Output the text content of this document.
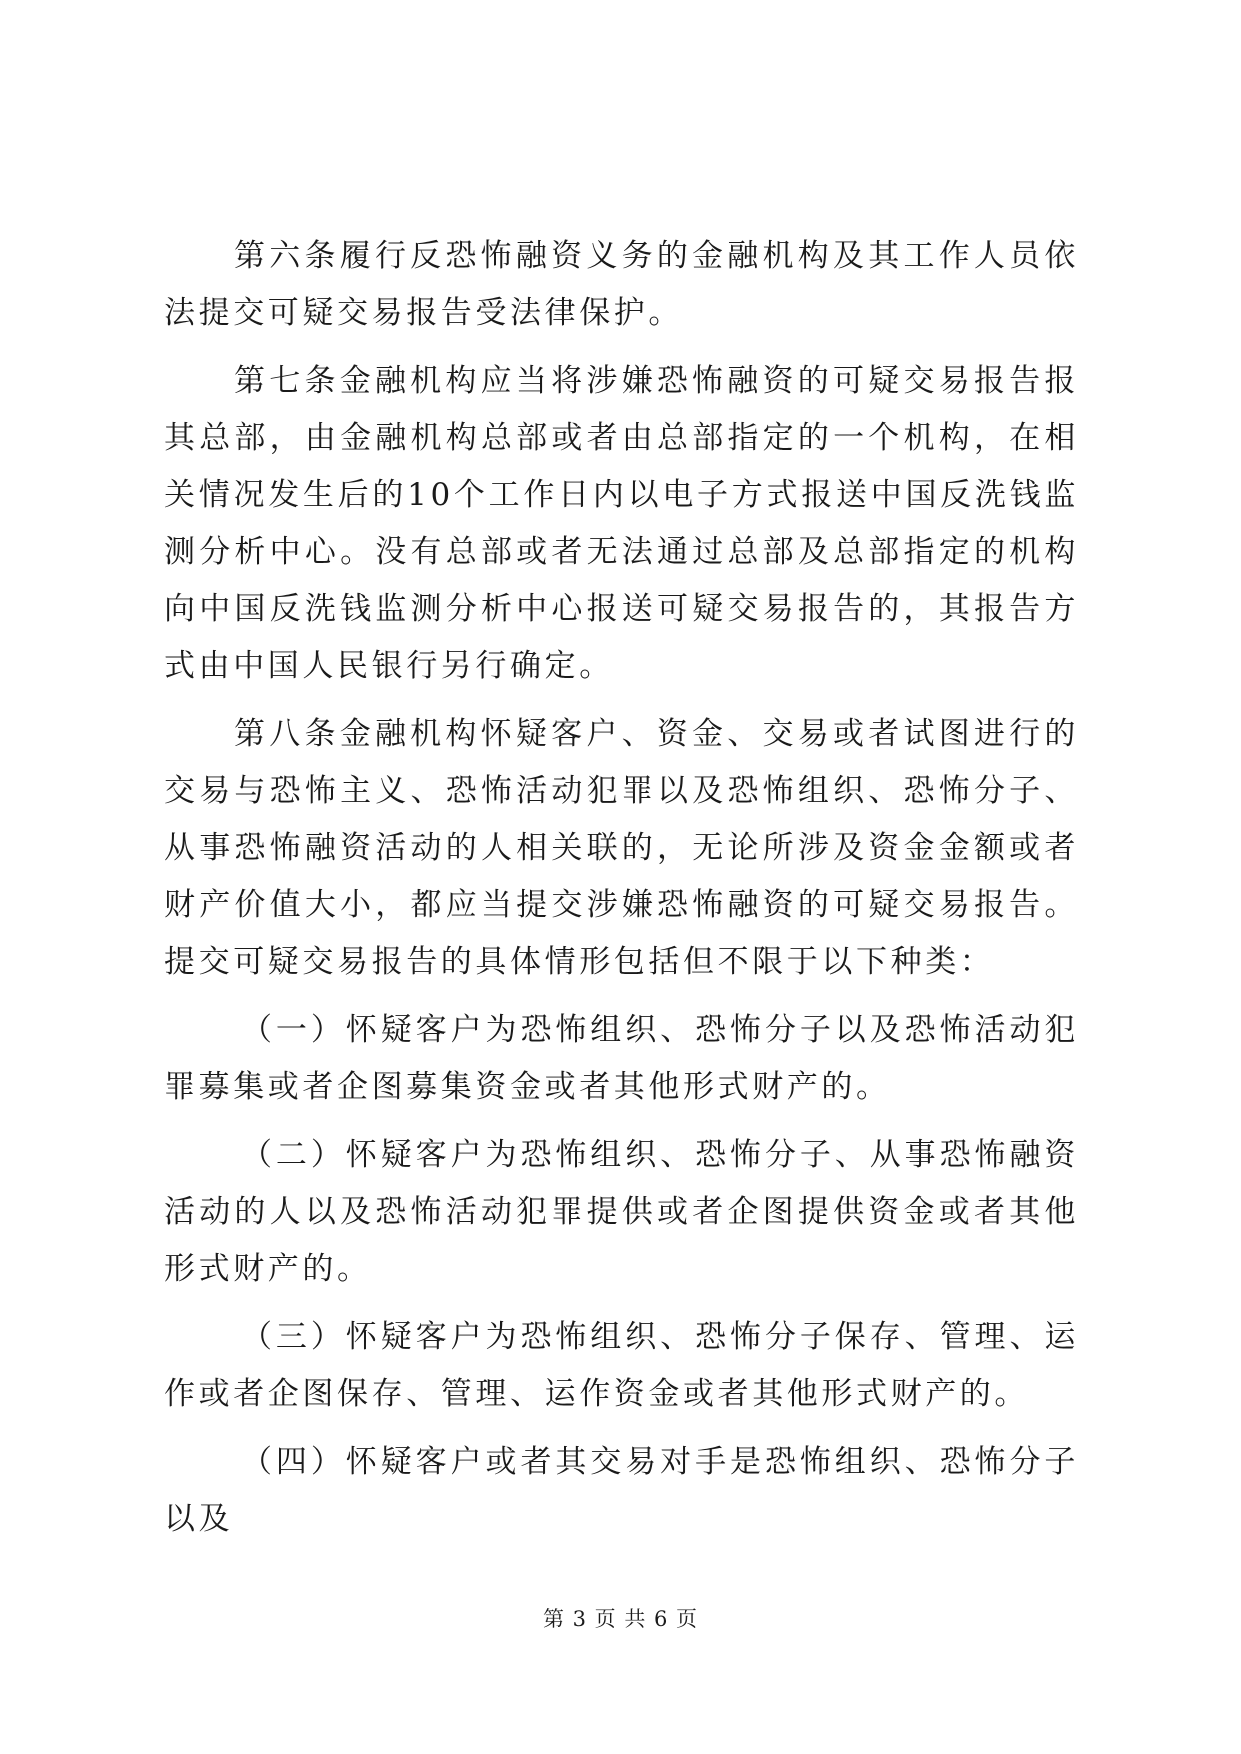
第六条履行反恐怖融资义务的金融机构及其工作人员依法提交可疑交易报告受法律保护。

第七条金融机构应当将涉嫌恐怖融资的可疑交易报告报其总部，由金融机构总部或者由总部指定的一个机构，在相关情况发生后的10个工作日内以电子方式报送中国反洗钱监测分析中心。没有总部或者无法通过总部及总部指定的机构向中国反洗钱监测分析中心报送可疑交易报告的，其报告方式由中国人民银行另行确定。

第八条金融机构怀疑客户、资金、交易或者试图进行的交易与恐怖主义、恐怖活动犯罪以及恐怖组织、恐怖分子、从事恐怖融资活动的人相关联的，无论所涉及资金金额或者财产价值大小，都应当提交涉嫌恐怖融资的可疑交易报告。提交可疑交易报告的具体情形包括但不限于以下种类：

（一）怀疑客户为恐怖组织、恐怖分子以及恐怖活动犯罪募集或者企图募集资金或者其他形式财产的。

（二）怀疑客户为恐怖组织、恐怖分子、从事恐怖融资活动的人以及恐怖活动犯罪提供或者企图提供资金或者其他形式财产的。

（三）怀疑客户为恐怖组织、恐怖分子保存、管理、运作或者企图保存、管理、运作资金或者其他形式财产的。

（四）怀疑客户或者其交易对手是恐怖组织、恐怖分子以及

第 3 页 共 6 页
